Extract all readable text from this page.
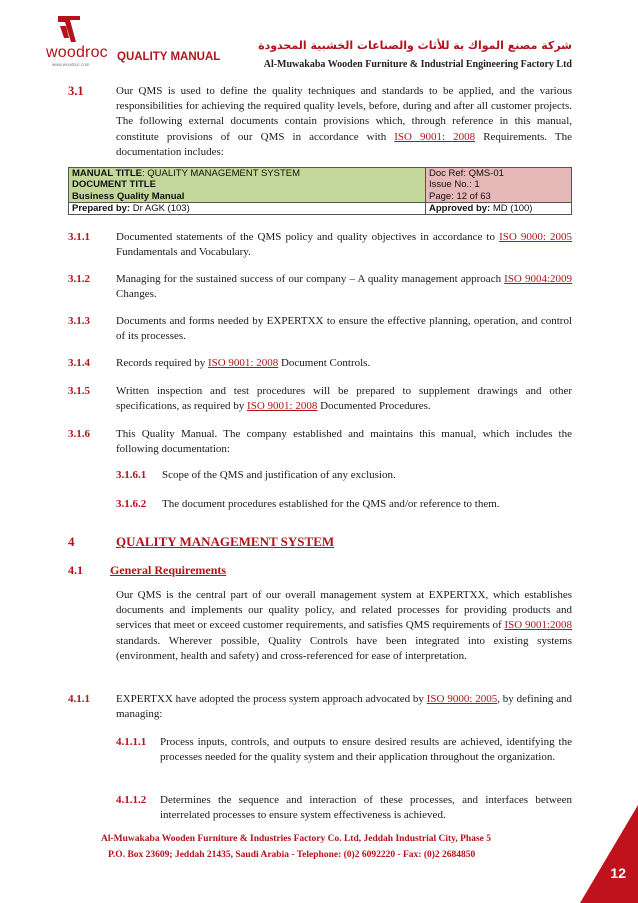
woodroc
www.woodroc.com
QUALITY MANUAL
شركة مصنع المواك بة للأثاث والصناعات الخشبية المحدودة
Al-Muwakaba Wooden Furniture & Industrial Engineering Factory Ltd
3.1	Our QMS is used to define the quality techniques and standards to be applied, and the various responsibilities for achieving the required quality levels, before, during and after all customer projects. The following external documents contain provisions which, through reference in this manual, constitute provisions of our QMS in accordance with ISO 9001: 2008 Requirements. The documentation includes:
MANUAL TITLE: QUALITY MANAGEMENT SYSTEM	Doc Ref: QMS-01
DOCUMENT TITLE	Issue No.: 1
Business Quality Manual	Page: 12 of 63
Prepared by: Dr AGK (103)	Approved by: MD (100)
3.1.1 Documented statements of the QMS policy and quality objectives in accordance to ISO 9000: 2005 Fundamentals and Vocabulary.
3.1.2 Managing for the sustained success of our company – A quality management approach ISO 9004:2009 Changes.
3.1.3 Documents and forms needed by EXPERTXX to ensure the effective planning, operation, and control of its processes.
3.1.4 Records required by ISO 9001: 2008 Document Controls.
3.1.5 Written inspection and test procedures will be prepared to supplement drawings and other specifications, as required by ISO 9001: 2008 Documented Procedures.
3.1.6 This Quality Manual. The company established and maintains this manual, which includes the following documentation:
3.1.6.1 Scope of the QMS and justification of any exclusion.
3.1.6.2 The document procedures established for the QMS and/or reference to them.
4	QUALITY MANAGEMENT SYSTEM
4.1 General Requirements
Our QMS is the central part of our overall management system at EXPERTXX, which establishes documents and implements our quality policy, and related processes for providing products and services that meet or exceed customer requirements, and satisfies QMS requirements of ISO 9001:2008 standards. Wherever possible, Quality Controls have been integrated into existing systems (environment, health and safety) and cross-referenced for ease of interpretation.
4.1.1 EXPERTXX have adopted the process system approach advocated by ISO 9000: 2005, by defining and managing:
4.1.1.1 Process inputs, controls, and outputs to ensure desired results are achieved, identifying the processes needed for the quality system and their application throughout the organization.
4.1.1.2 Determines the sequence and interaction of these processes, and interfaces between interrelated processes to ensure system effectiveness is achieved.
Al-Muwakaba Wooden Furniture & Industries Factory Co. Ltd, Jeddah Industrial City, Phase 5
P.O. Box 23609; Jeddah 21435, Saudi Arabia - Telephone: (0)2 6092220 - Fax: (0)2 2684850
12
